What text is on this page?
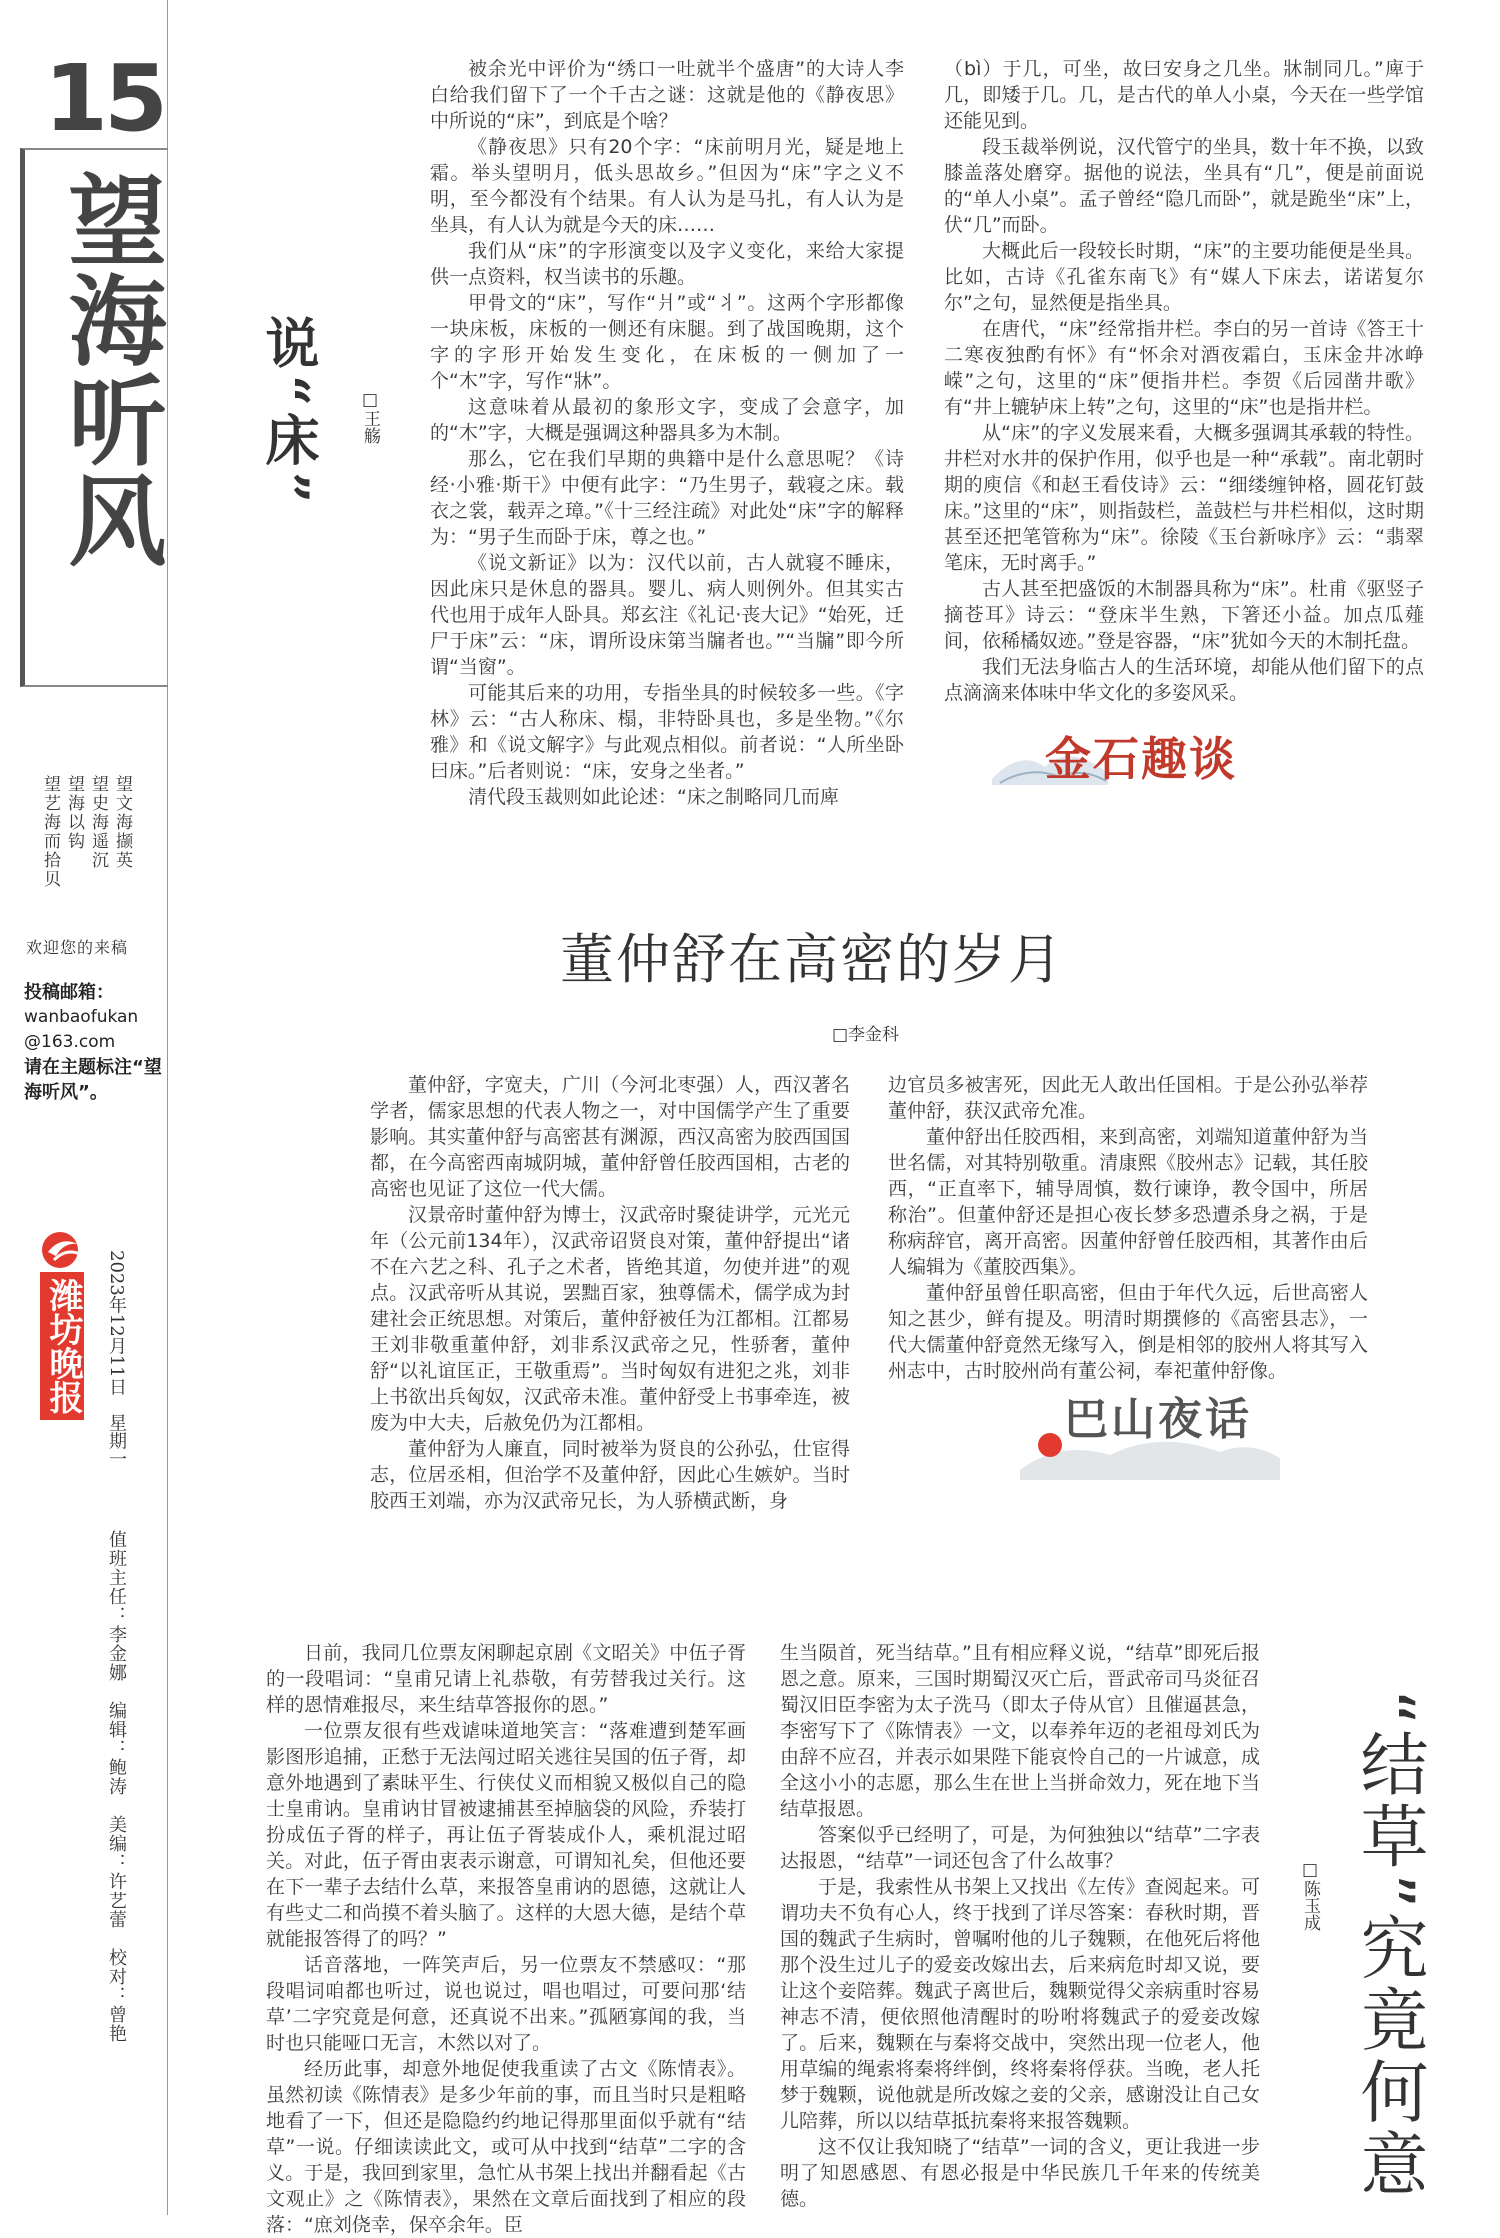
15
望海听风
望文海撷英
望史海遥沉
望海以钩
望艺海而拾贝
欢迎您的来稿
投稿邮箱：
wanbaofukan
@163.com
请在主题标注“望海听风”。
潍坊晚报 2023年12月11日　星期一
值班主任：李金娜　编辑：鲍涛　美编：许艺蕾　校对：曾艳
说“床” □王觞

被余光中评价为“绣口一吐就半个盛唐”的大诗人李白给我们留下了一个千古之谜：这就是他的《静夜思》中所说的“床”，到底是个啥？

《静夜思》只有20个字：“床前明月光，疑是地上霜。举头望明月，低头思故乡。”但因为“床”字之义不明，至今都没有个结果。有人认为是马扎，有人认为是坐具，有人认为就是今天的床……

我们从“床”的字形演变以及字义变化，来给大家提供一点资料，权当读书的乐趣。

甲骨文的“床”，写作“爿”或“丬”。这两个字形都像一块床板，床板的一侧还有床腿。到了战国晚期，这个字的字形开始发生变化，在床板的一侧加了一个“木”字，写作“牀”。

这意味着从最初的象形文字，变成了会意字，加的“木”字，大概是强调这种器具多为木制。

那么，它在我们早期的典籍中是什么意思呢？《诗经·小雅·斯干》中便有此字：“乃生男子，载寝之床。载衣之裳，载弄之璋。”《十三经注疏》对此处“床”字的解释为：“男子生而卧于床，尊之也。”

《说文新证》以为：汉代以前，古人就寝不睡床，因此床只是休息的器具。婴儿、病人则例外。但其实古代也用于成年人卧具。郑玄注《礼记·丧大记》“始死，迁尸于床”云：“床，谓所设床第当牖者也。”“当牖”即今所谓“当窗”。

可能其后来的功用，专指坐具的时候较多一些。《字林》云：“古人称床、榻，非特卧具也，多是坐物。”《尔雅》和《说文解字》与此观点相似。前者说：“人所坐卧曰床。”后者则说：“床，安身之坐者。”

清代段玉裁则如此论述：“床之制略同几而庳

（bì）于几，可坐，故曰安身之几坐。牀制同几。”庳于几，即矮于几。几，是古代的单人小桌，今天在一些学馆还能见到。

段玉裁举例说，汉代管宁的坐具，数十年不换，以致膝盖落处磨穿。据他的说法，坐具有“几”，便是前面说的“单人小桌”。孟子曾经“隐几而卧”，就是跪坐“床”上，伏“几”而卧。

大概此后一段较长时期，“床”的主要功能便是坐具。比如，古诗《孔雀东南飞》有“媒人下床去，诺诺复尔尔”之句，显然便是指坐具。

在唐代，“床”经常指井栏。李白的另一首诗《答王十二寒夜独酌有怀》有“怀余对酒夜霜白，玉床金井冰峥嵘”之句，这里的“床”便指井栏。李贺《后园凿井歌》有“井上辘轳床上转”之句，这里的“床”也是指井栏。

从“床”的字义发展来看，大概多强调其承载的特性。井栏对水井的保护作用，似乎也是一种“承载”。南北朝时期的庾信《和赵王看伎诗》云：“细缕缠钟格，圆花钉鼓床。”这里的“床”，则指鼓栏，盖鼓栏与井栏相似，这时期甚至还把笔管称为“床”。徐陵《玉台新咏序》云：“翡翠笔床，无时离手。”

古人甚至把盛饭的木制器具称为“床”。杜甫《驱竖子摘苍耳》诗云：“登床半生熟，下箸还小益。加点瓜薤间，依稀橘奴迹。”登是容器，“床”犹如今天的木制托盘。

我们无法身临古人的生活环境，却能从他们留下的点点滴滴来体味中华文化的多姿风采。

金石趣谈
董仲舒在高密的岁月
□李金科

董仲舒，字宽夫，广川（今河北枣强）人，西汉著名学者，儒家思想的代表人物之一，对中国儒学产生了重要影响。其实董仲舒与高密甚有渊源，西汉高密为胶西国国都，在今高密西南城阴城，董仲舒曾任胶西国相，古老的高密也见证了这位一代大儒。

汉景帝时董仲舒为博士，汉武帝时聚徒讲学，元光元年（公元前134年），汉武帝诏贤良对策，董仲舒提出“诸不在六艺之科、孔子之术者，皆绝其道，勿使并进”的观点。汉武帝听从其说，罢黜百家，独尊儒术，儒学成为封建社会正统思想。对策后，董仲舒被任为江都相。江都易王刘非敬重董仲舒，刘非系汉武帝之兄，性骄奢，董仲舒“以礼谊匡正，王敬重焉”。当时匈奴有进犯之兆，刘非上书欲出兵匈奴，汉武帝未准。董仲舒受上书事牵连，被废为中大夫，后赦免仍为江都相。

董仲舒为人廉直，同时被举为贤良的公孙弘，仕宦得志，位居丞相，但治学不及董仲舒，因此心生嫉妒。当时胶西王刘端，亦为汉武帝兄长，为人骄横武断，身

边官员多被害死，因此无人敢出任国相。于是公孙弘举荐董仲舒，获汉武帝允准。

董仲舒出任胶西相，来到高密，刘端知道董仲舒为当世名儒，对其特别敬重。清康熙《胶州志》记载，其任胶西，“正直率下，辅导周慎，数行谏诤，教令国中，所居称治”。但董仲舒还是担心夜长梦多恐遭杀身之祸，于是称病辞官，离开高密。因董仲舒曾任胶西相，其著作由后人编辑为《董胶西集》。

董仲舒虽曾任职高密，但由于年代久远，后世高密人知之甚少，鲜有提及。明清时期撰修的《高密县志》，一代大儒董仲舒竟然无缘写入，倒是相邻的胶州人将其写入州志中，古时胶州尚有董公祠，奉祀董仲舒像。

巴山夜话

日前，我同几位票友闲聊起京剧《文昭关》中伍子胥的一段唱词：“皇甫兄请上礼恭敬，有劳替我过关行。这样的恩情难报尽，来生结草答报你的恩。”

一位票友很有些戏谑味道地笑言：“落难遭到楚军画影图形追捕，正愁于无法闯过昭关逃往吴国的伍子胥，却意外地遇到了素昧平生、行侠仗义而相貌又极似自己的隐士皇甫讷。皇甫讷甘冒被逮捕甚至掉脑袋的风险，乔装打扮成伍子胥的样子，再让伍子胥装成仆人，乘机混过昭关。对此，伍子胥由衷表示谢意，可谓知礼矣，但他还要在下一辈子去结什么草，来报答皇甫讷的恩德，这就让人有些丈二和尚摸不着头脑了。这样的大恩大德，是结个草就能报答得了的吗？”

话音落地，一阵笑声后，另一位票友不禁感叹：“那段唱词咱都也听过，说也说过，唱也唱过，可要问那‘结草’二字究竟是何意，还真说不出来。”孤陋寡闻的我，当时也只能哑口无言，木然以对了。

经历此事，却意外地促使我重读了古文《陈情表》。虽然初读《陈情表》是多少年前的事，而且当时只是粗略地看了一下，但还是隐隐约约地记得那里面似乎就有“结草”一说。仔细读读此文，或可从中找到“结草”二字的含义。于是，我回到家里，急忙从书架上找出并翻看起《古文观止》之《陈情表》，果然在文章后面找到了相应的段落：“庶刘侥幸，保卒余年。臣

生当陨首，死当结草。”且有相应释义说，“结草”即死后报恩之意。原来，三国时期蜀汉灭亡后，晋武帝司马炎征召蜀汉旧臣李密为太子洗马（即太子侍从官）且催逼甚急，李密写下了《陈情表》一文，以奉养年迈的老祖母刘氏为由辞不应召，并表示如果陛下能哀怜自己的一片诚意，成全这小小的志愿，那么生在世上当拼命效力，死在地下当结草报恩。

答案似乎已经明了，可是，为何独独以“结草”二字表达报恩，“结草”一词还包含了什么故事？

于是，我索性从书架上又找出《左传》查阅起来。可谓功夫不负有心人，终于找到了详尽答案：春秋时期，晋国的魏武子生病时，曾嘱咐他的儿子魏颗，在他死后将他那个没生过儿子的爱妾改嫁出去，后来病危时却又说，要让这个妾陪葬。魏武子离世后，魏颗觉得父亲病重时容易神志不清，便依照他清醒时的吩咐将魏武子的爱妾改嫁了。后来，魏颗在与秦将交战中，突然出现一位老人，他用草编的绳索将秦将绊倒，终将秦将俘获。当晚，老人托梦于魏颗，说他就是所改嫁之妾的父亲，感谢没让自己女儿陪葬，所以以结草抵抗秦将来报答魏颗。

这不仅让我知晓了“结草”一词的含义，更让我进一步明了知恩感恩、有恩必报是中华民族几千年来的传统美德。	“结草”究竟何意
□陈玉成
